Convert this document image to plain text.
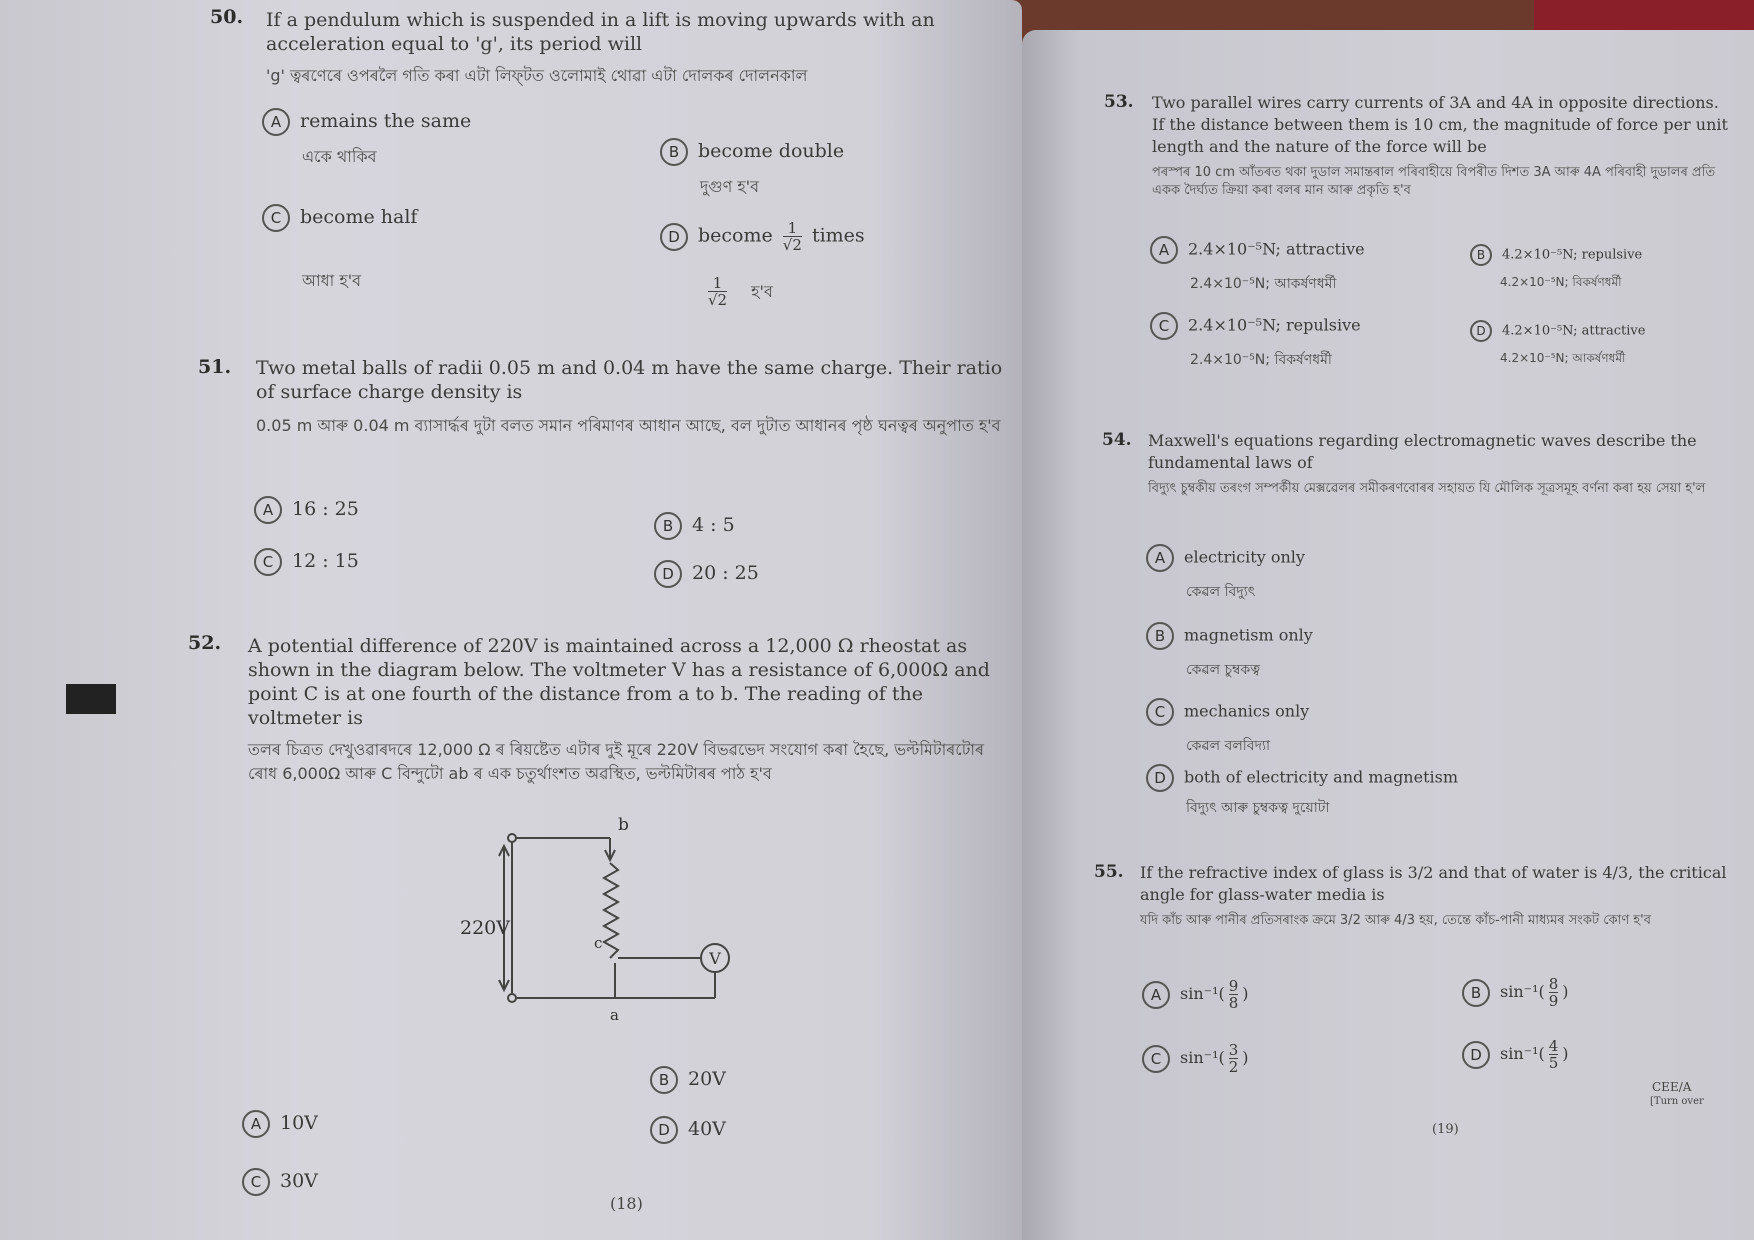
50. If a pendulum which is suspended in a lift is moving upwards with an acceleration equal to 'g', its period will
'g' ত্বৰণেৰে ওপৰলৈ গতি কৰা এটা লিফ্‌টত ওলোমাই থোৱা এটা দোলকৰ দোলনকাল
A remains the same
একে থাকিব	B become double
দুগুণ হ'ব
C become half
আধা হ'ব
D become $\frac{1}{√2}$ times
$\frac{1}{√2}$ হ'ব
51. Two metal balls of radii 0.05 m and 0.04 m have the same charge. Their ratio of surface charge density is
0.05 m আৰু 0.04 m ব্যাসাৰ্দ্ধৰ দুটা বলত সমান পৰিমাণৰ আধান আছে, বল দুটাত আধানৰ পৃষ্ঠ ঘনত্বৰ অনুপাত হ'ব
A 16 : 25
B 4 : 5
C 12 : 15
D 20 : 25
52. A potential difference of 220V is maintained across a 12,000 Ω rheostat as shown in the diagram below. The voltmeter V has a resistance of 6,000Ω and point C is at one fourth of the distance from a to b. The reading of the voltmeter is
তলৰ চিত্ৰত দেখুওৱাৰদৰে 12,000 Ω ৰ ৰিয়ষ্টেত এটাৰ দুই মূৰে 220V বিভৱভেদ সংযোগ কৰা হৈছে, ভল্টমিটাৰটোৰ ৰোধ 6,000Ω আৰু C বিন্দুটো ab ৰ এক চতুৰ্থাংশত অৱস্থিত, ভল্টমিটাৰৰ পাঠ হ'ব
V
220V
b
a
c
B 20V
A 10V	D 40V
C 30V
(18)
53. Two parallel wires carry currents of 3A and 4A in opposite directions. If the distance between them is 10 cm, the magnitude of force per unit length and the nature of the force will be
পৰস্পৰ 10 cm আঁতৰত থকা দুডাল সমান্তৰাল পৰিবাহীয়ে বিপৰীত দিশত 3A আৰু 4A পৰিবাহী দুডালৰ প্ৰতি একক দৈৰ্ঘ্যত ক্ৰিয়া কৰা বলৰ মান আৰু প্ৰকৃতি হ'ব
A 2.4×10⁻⁵N; attractive
2.4×10⁻⁵N; আকৰ্ষণধৰ্মী
B 4.2×10⁻⁵N; repulsive
4.2×10⁻⁵N; বিকৰ্ষণধৰ্মী
C 2.4×10⁻⁵N; repulsive
2.4×10⁻⁵N; বিকৰ্ষণধৰ্মী
D 4.2×10⁻⁵N; attractive
4.2×10⁻⁵N; আকৰ্ষণধৰ্মী
54. Maxwell's equations regarding electromagnetic waves describe the fundamental laws of
বিদ্যুৎ চুম্বকীয় তৰংগ সম্পৰ্কীয় মেক্সৱেলৰ সমীকৰণবোৰৰ সহায়ত যি মৌলিক সূত্ৰসমূহ বৰ্ণনা কৰা হয় সেয়া হ'ল
A electricity only
কেৱল বিদ্যুৎ
B magnetism only
কেৱল চুম্বকত্ব
C mechanics only
কেৱল বলবিদ্যা
D both of electricity and magnetism
বিদ্যুৎ আৰু চুম্বকত্ব দুয়োটা
55. If the refractive index of glass is 3/2 and that of water is 4/3, the critical angle for glass-water media is
যদি কাঁচ আৰু পানীৰ প্ৰতিসৰাংক ক্ৰমে 3/2 আৰু 4/3 হয়, তেন্তে কাঁচ-পানী মাধ্যমৰ সংকট কোণ হ'ব
A $\sin^{-1}( \frac{9}{8}$ )	B $\sin^{-1}( \frac{8}{9}$ )
C $\sin^{-1}( \frac{3}{2}$ )	D $\sin^{-1}( \frac{4}{5}$ )
(19)
CEE/A
[Turn over
